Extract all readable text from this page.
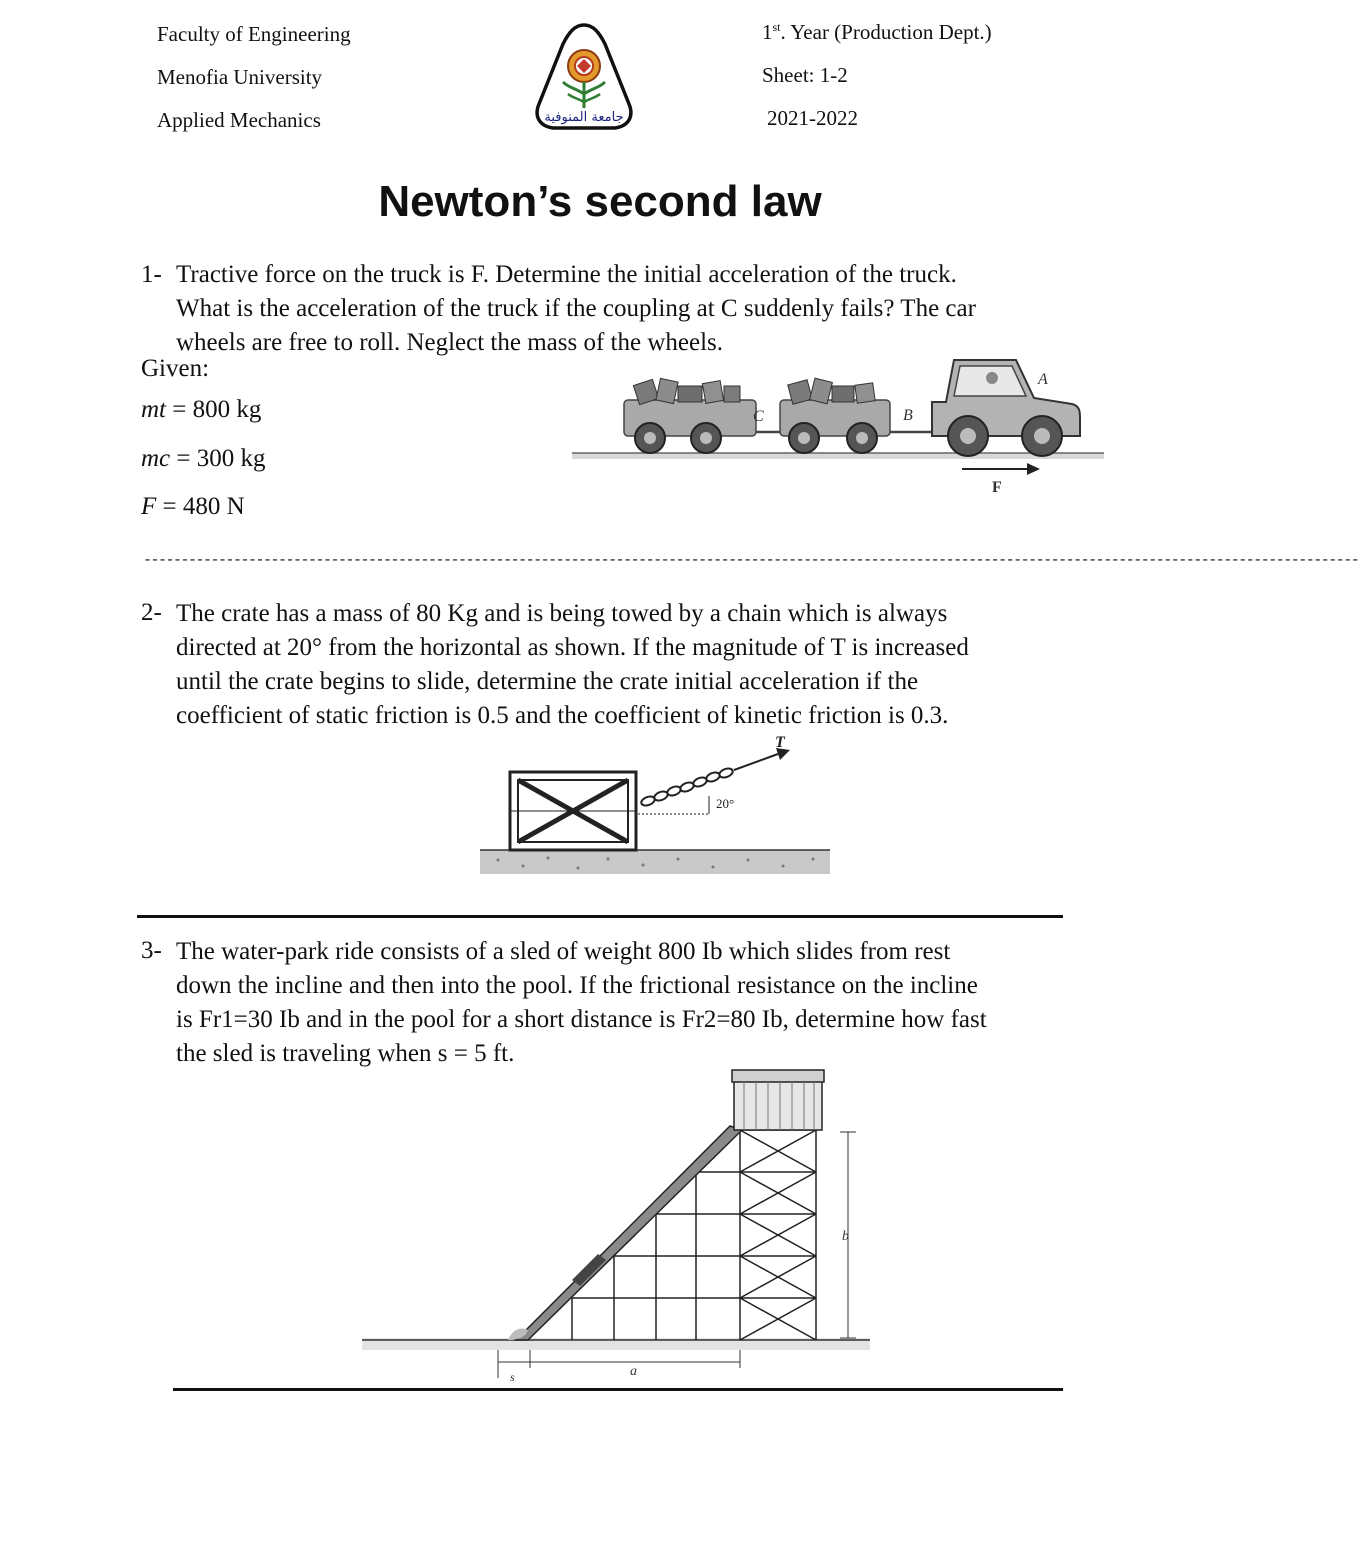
Faculty of Engineering
Menofia University
Applied Mechanics
1st. Year (Production Dept.)
Sheet: 1-2
2021-2022
جامعة المنوفية
Newton’s second law
1- Tractive force on the truck is F. Determine the initial acceleration of the truck.
What is the acceleration of the truck if the coupling at C suddenly fails? The car
wheels are free to roll. Neglect the mass of the wheels.
Given:
mt = 800 kg
mc = 300 kg
F = 480 N
C	B
A
F
------------------------------------------------------------------------------------------------------------------------------------------------------------------
2- The crate has a mass of 80 Kg and is being towed by a chain which is always
directed at 20° from the horizontal as shown. If the magnitude of T is increased
until the crate begins to slide, determine the crate initial acceleration if the
coefficient of static friction is 0.5 and the coefficient of kinetic friction is 0.3.
T
20°
3- The water-park ride consists of a sled of weight 800 Ib which slides from rest
down the incline and then into the pool. If the frictional resistance on the incline
is Fr1=30 Ib and in the pool for a short distance is Fr2=80 Ib, determine how fast
the sled is traveling when s = 5 ft.
b
a
s
